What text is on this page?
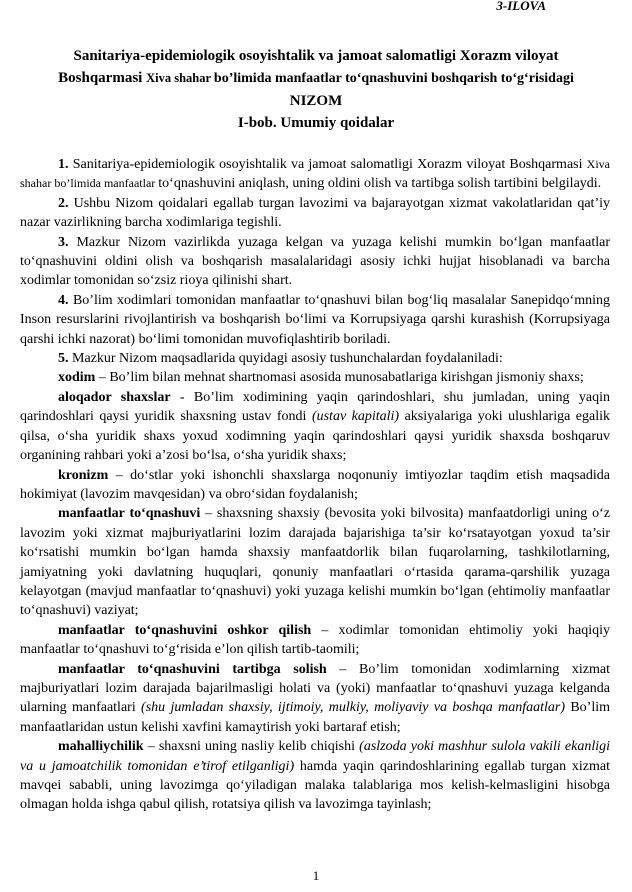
3-ILOVA
Sanitariya-epidemiologik osoyishtalik va jamoat salomatligi Xorazm viloyat
Boshqarmasi Xiva shahar bo’limida manfaatlar toʻqnashuvini boshqarish toʻgʻrisidagi
NIZOM
I-bob. Umumiy qoidalar

1. Sanitariya-epidemiologik osoyishtalik va jamoat salomatligi Xorazm viloyat Boshqarmasi Xiva shahar bo’limida manfaatlar toʻqnashuvini aniqlash, uning oldini olish va tartibga solish tartibini belgilaydi.

2. Ushbu Nizom qoidalari egallab turgan lavozimi va bajarayotgan xizmat vakolatlaridan qat’iy nazar vazirlikning barcha xodimlariga tegishli.

3. Mazkur Nizom vazirlikda yuzaga kelgan va yuzaga kelishi mumkin boʻlgan manfaatlar toʻqnashuvini oldini olish va boshqarish masalalaridagi asosiy ichki hujjat hisoblanadi va barcha xodimlar tomonidan soʻzsiz rioya qilinishi shart.

4. Bo’lim xodimlari tomonidan manfaatlar toʻqnashuvi bilan bogʻliq masalalar Sanepidqoʻmning Inson resurslarini rivojlantirish va boshqarish boʻlimi va Korrupsiyaga qarshi kurashish (Korrupsiyaga qarshi ichki nazorat) boʻlimi tomonidan muvofiqlashtirib boriladi.

5. Mazkur Nizom maqsadlarida quyidagi asosiy tushunchalardan foydalaniladi:

xodim – Bo’lim bilan mehnat shartnomasi asosida munosabatlariga kirishgan jismoniy shaxs;

aloqador shaxslar - Bo’lim xodimining yaqin qarindoshlari, shu jumladan, uning yaqin qarindoshlari qaysi yuridik shaxsning ustav fondi (ustav kapitali) aksiyalariga yoki ulushlariga egalik qilsa, oʻsha yuridik shaxs yoxud xodimning yaqin qarindoshlari qaysi yuridik shaxsda boshqaruv organining rahbari yoki a’zosi boʻlsa, oʻsha yuridik shaxs;

kronizm – doʻstlar yoki ishonchli shaxslarga noqonuniy imtiyozlar taqdim etish maqsadida hokimiyat (lavozim mavqesidan) va obroʻsidan foydalanish;

manfaatlar toʻqnashuvi – shaxsning shaxsiy (bevosita yoki bilvosita) manfaatdorligi uning oʻz lavozim yoki xizmat majburiyatlarini lozim darajada bajarishiga ta’sir koʻrsatayotgan yoxud ta’sir koʻrsatishi mumkin boʻlgan hamda shaxsiy manfaatdorlik bilan fuqarolarning, tashkilotlarning, jamiyatning yoki davlatning huquqlari, qonuniy manfaatlari oʻrtasida qarama-qarshilik yuzaga kelayotgan (mavjud manfaatlar toʻqnashuvi) yoki yuzaga kelishi mumkin boʻlgan (ehtimoliy manfaatlar toʻqnashuvi) vaziyat;

manfaatlar toʻqnashuvini oshkor qilish – xodimlar tomonidan ehtimoliy yoki haqiqiy manfaatlar toʻqnashuvi toʻgʻrisida e’lon qilish tartib-taomili;

manfaatlar toʻqnashuvini tartibga solish – Bo’lim tomonidan xodimlarning xizmat majburiyatlari lozim darajada bajarilmasligi holati va (yoki) manfaatlar toʻqnashuvi yuzaga kelganda ularning manfaatlari (shu jumladan shaxsiy, ijtimoiy, mulkiy, moliyaviy va boshqa manfaatlar) Bo’lim manfaatlaridan ustun kelishi xavfini kamaytirish yoki bartaraf etish;

mahalliychilik – shaxsni uning nasliy kelib chiqishi (aslzoda yoki mashhur sulola vakili ekanligi va u jamoatchilik tomonidan e’tirof etilganligi) hamda yaqin qarindoshlarining egallab turgan xizmat mavqei sababli, uning lavozimga qoʻyiladigan malaka talablariga mos kelish-kelmasligini hisobga olmagan holda ishga qabul qilish, rotatsiya qilish va lavozimga tayinlash;

1
